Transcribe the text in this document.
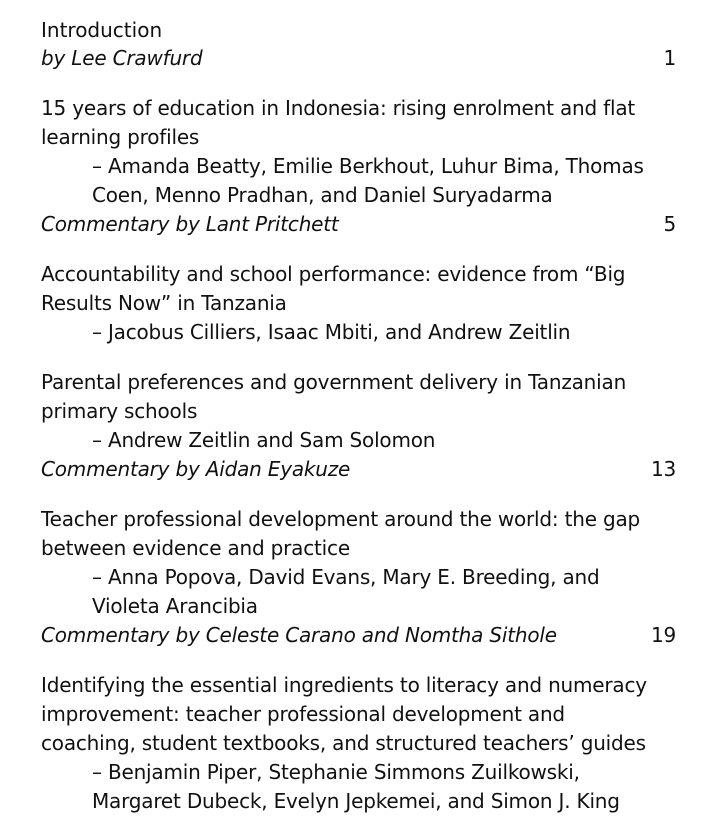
Introduction
by Lee Crawfurd	1
15 years of education in Indonesia: rising enrolment and flat
learning profiles
– Amanda Beatty, Emilie Berkhout, Luhur Bima, Thomas
Coen, Menno Pradhan, and Daniel Suryadarma
Commentary by Lant Pritchett	5
Accountability and school performance: evidence from “Big
Results Now” in Tanzania
– Jacobus Cilliers, Isaac Mbiti, and Andrew Zeitlin
Parental preferences and government delivery in Tanzanian
primary schools
– Andrew Zeitlin and Sam Solomon
Commentary by Aidan Eyakuze	13
Teacher professional development around the world: the gap
between evidence and practice
– Anna Popova, David Evans, Mary E. Breeding, and
Violeta Arancibia
Commentary by Celeste Carano and Nomtha Sithole	19
Identifying the essential ingredients to literacy and numeracy
improvement: teacher professional development and
coaching, student textbooks, and structured teachers’ guides
– Benjamin Piper, Stephanie Simmons Zuilkowski,
Margaret Dubeck, Evelyn Jepkemei, and Simon J. King
